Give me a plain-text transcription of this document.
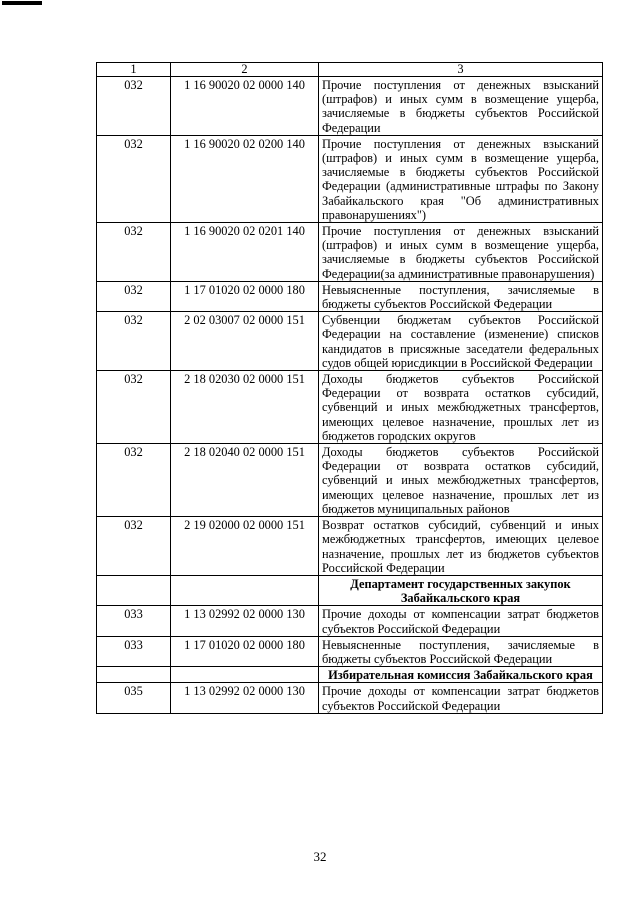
1	2	3
032	1 16 90020 02 0000 140	Прочие поступления от денежных взысканий (штрафов) и иных сумм в возмещение ущерба, зачисляемые в бюджеты субъектов Российской Федерации
032	1 16 90020 02 0200 140	Прочие поступления от денежных взысканий (штрафов) и иных сумм в возмещение ущерба, зачисляемые в бюджеты субъектов Российской Федерации (административные штрафы по Закону Забайкальского края "Об административных правонарушениях")
032	1 16 90020 02 0201 140	Прочие поступления от денежных взысканий (штрафов) и иных сумм в возмещение ущерба, зачисляемые в бюджеты субъектов Российской Федерации(за административные правонарушения)
032	1 17 01020 02 0000 180	Невыясненные поступления, зачисляемые в бюджеты субъектов Российской Федерации
032	2 02 03007 02 0000 151	Субвенции бюджетам субъектов Российской Федерации на составление (изменение) списков кандидатов в присяжные заседатели федеральных судов общей юрисдикции в Российской Федерации
032	2 18 02030 02 0000 151	Доходы бюджетов субъектов Российской Федерации от возврата остатков субсидий, субвенций и иных межбюджетных трансфертов, имеющих целевое назначение, прошлых лет из бюджетов городских округов
032	2 18 02040 02 0000 151	Доходы бюджетов субъектов Российской Федерации от возврата остатков субсидий, субвенций и иных межбюджетных трансфертов, имеющих целевое назначение, прошлых лет из бюджетов муниципальных районов
032	2 19 02000 02 0000 151	Возврат остатков субсидий, субвенций и иных межбюджетных трансфертов, имеющих целевое назначение, прошлых лет из бюджетов субъектов Российской Федерации
		Департамент государственных закупок Забайкальского края
033	1 13 02992 02 0000 130	Прочие доходы от компенсации затрат бюджетов субъектов Российской Федерации
033	1 17 01020 02 0000 180	Невыясненные поступления, зачисляемые в бюджеты субъектов Российской Федерации
		Избирательная комиссия Забайкальского края
035	1 13 02992 02 0000 130	Прочие доходы от компенсации затрат бюджетов субъектов Российской Федерации
32
